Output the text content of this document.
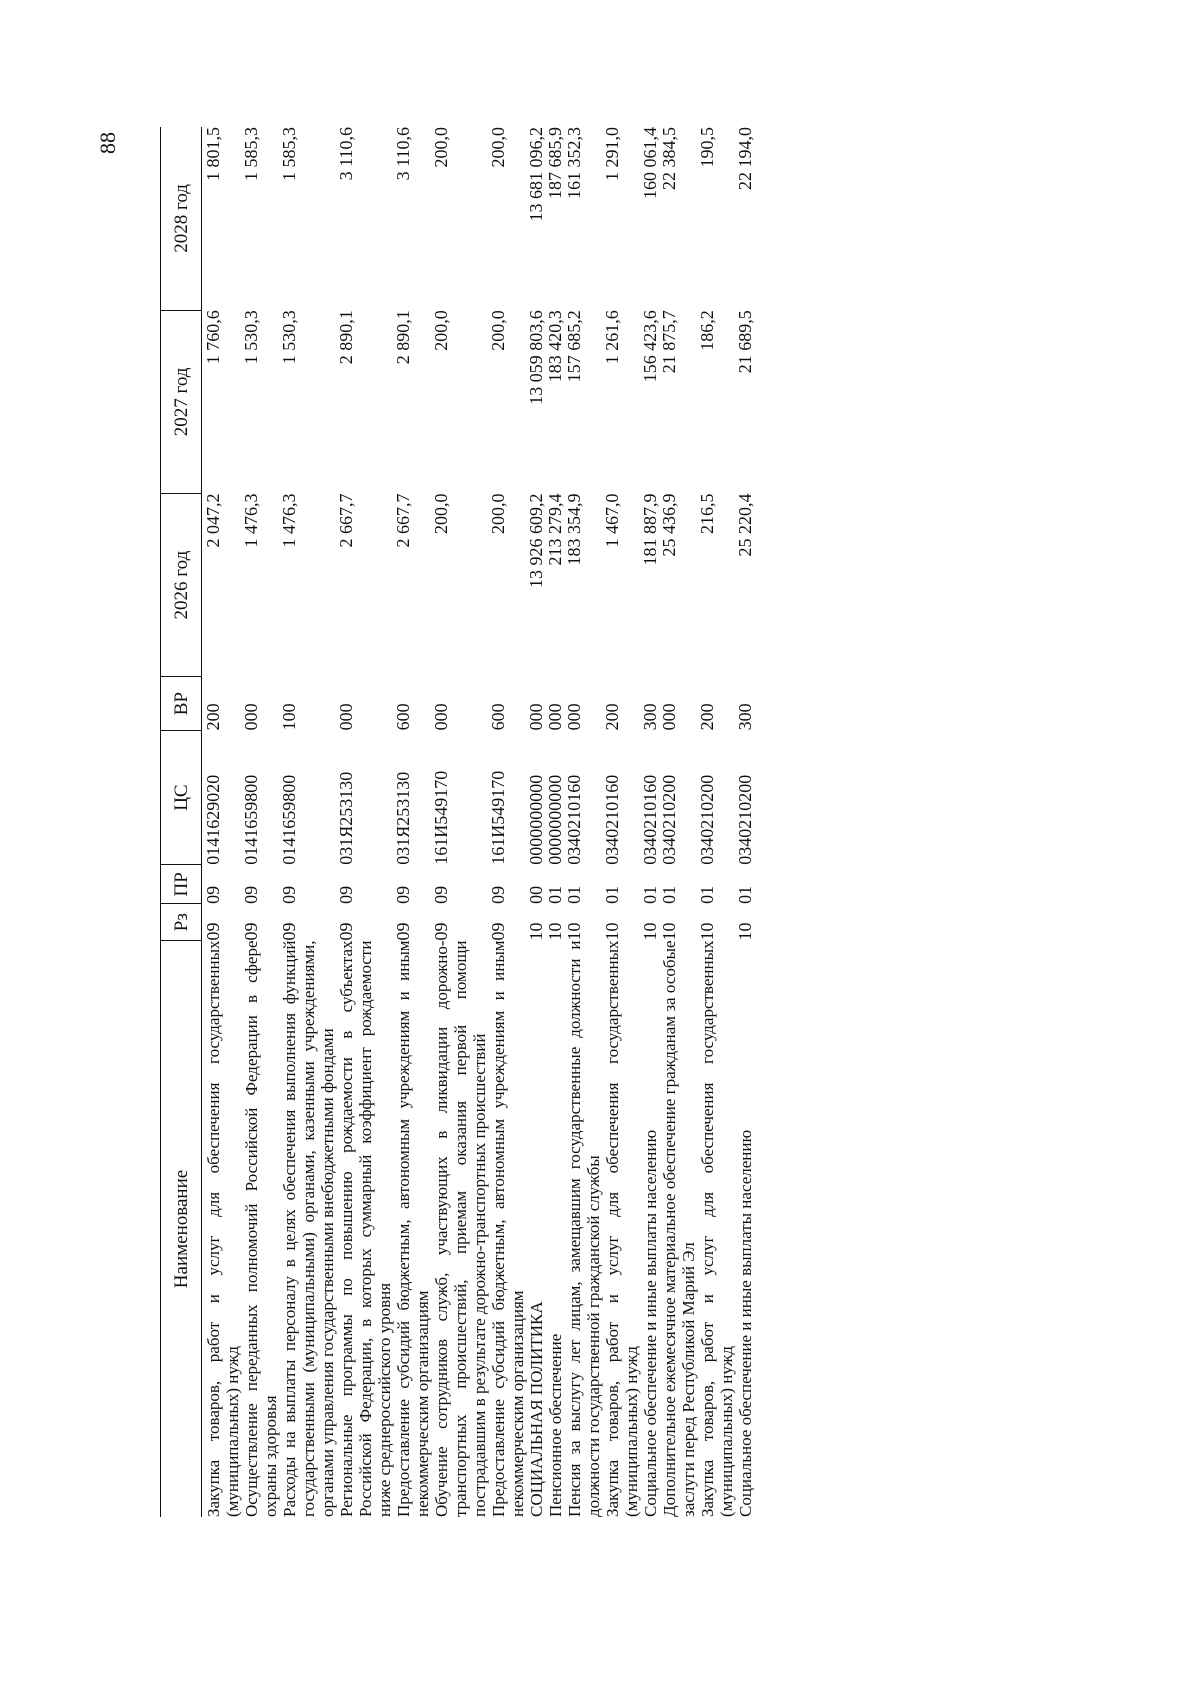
88
Наименование	Рз	ПР	ЦС	ВР	2026 год	2027 год	2028 год
Закупка товаров, работ и услуг для обеспечения государственных (муниципальных) нужд	09	09	0141629020	200	2 047,2	1 760,6	1 801,5
Осуществление переданных полномочий Российской Федерации в сфере охраны здоровья	09	09	0141659800	000	1 476,3	1 530,3	1 585,3
Расходы на выплаты персоналу в целях обеспечения выполнения функций государственными (муниципальными) органами, казенными учреждениями, органами управления государственными внебюджетными фондами	09	09	0141659800	100	1 476,3	1 530,3	1 585,3
Региональные программы по повышению рождаемости в субъектах Российской Федерации, в которых суммарный коэффициент рождаемости ниже среднероссийского уровня	09	09	031Я253130	000	2 667,7	2 890,1	3 110,6
Предоставление субсидий бюджетным, автономным учреждениям и иным некоммерческим организациям	09	09	031Я253130	600	2 667,7	2 890,1	3 110,6
Обучение сотрудников служб, участвующих в ликвидации дорожно-транспортных происшествий, приемам оказания первой помощи пострадавшим в результате дорожно-транспортных происшествий	09	09	161И549170	000	200,0	200,0	200,0
Предоставление субсидий бюджетным, автономным учреждениям и иным некоммерческим организациям	09	09	161И549170	600	200,0	200,0	200,0
СОЦИАЛЬНАЯ ПОЛИТИКА	10	00	0000000000	000	13 926 609,2	13 059 803,6	13 681 096,2
Пенсионное обеспечение	10	01	0000000000	000	213 279,4	183 420,3	187 685,9
Пенсия за выслугу лет лицам, замещавшим государственные должности и должности государственной гражданской службы	10	01	0340210160	000	183 354,9	157 685,2	161 352,3
Закупка товаров, работ и услуг для обеспечения государственных (муниципальных) нужд	10	01	0340210160	200	1 467,0	1 261,6	1 291,0
Социальное обеспечение и иные выплаты населению	10	01	0340210160	300	181 887,9	156 423,6	160 061,4
Дополнительное ежемесячное материальное обеспечение гражданам за особые заслуги перед Республикой Марий Эл	10	01	0340210200	000	25 436,9	21 875,7	22 384,5
Закупка товаров, работ и услуг для обеспечения государственных (муниципальных) нужд	10	01	0340210200	200	216,5	186,2	190,5
Социальное обеспечение и иные выплаты населению	10	01	0340210200	300	25 220,4	21 689,5	22 194,0
